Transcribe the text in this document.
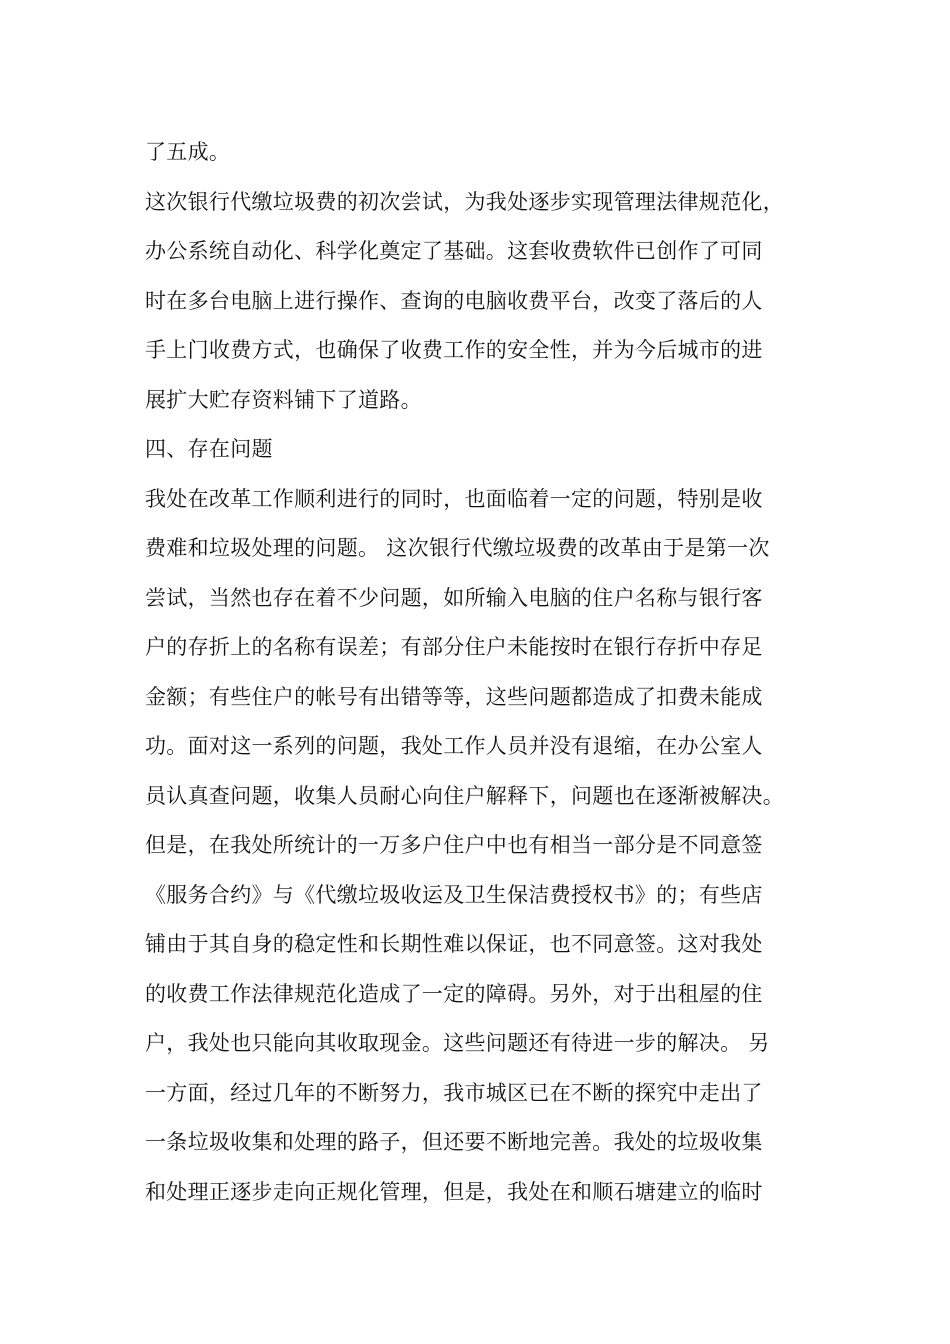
了五成。
这次银行代缴垃圾费的初次尝试，为我处逐步实现管理法律规范化，
办公系统自动化、科学化奠定了基础。这套收费软件已创作了可同
时在多台电脑上进行操作、查询的电脑收费平台，改变了落后的人
手上门收费方式，也确保了收费工作的安全性，并为今后城市的进
展扩大贮存资料铺下了道路。
四、存在问题
我处在改革工作顺利进行的同时，也面临着一定的问题，特别是收
费难和垃圾处理的问题。 这次银行代缴垃圾费的改革由于是第一次
尝试，当然也存在着不少问题，如所输入电脑的住户名称与银行客
户的存折上的名称有误差；有部分住户未能按时在银行存折中存足
金额；有些住户的帐号有出错等等，这些问题都造成了扣费未能成
功。面对这一系列的问题，我处工作人员并没有退缩，在办公室人
员认真查问题，收集人员耐心向住户解释下，问题也在逐渐被解决。
但是，在我处所统计的一万多户住户中也有相当一部分是不同意签
《服务合约》与《代缴垃圾收运及卫生保洁费授权书》的；有些店
铺由于其自身的稳定性和长期性难以保证，也不同意签。这对我处
的收费工作法律规范化造成了一定的障碍。另外，对于出租屋的住
户，我处也只能向其收取现金。这些问题还有待进一步的解决。 另
一方面，经过几年的不断努力，我市城区已在不断的探究中走出了
一条垃圾收集和处理的路子，但还要不断地完善。我处的垃圾收集
和处理正逐步走向正规化管理，但是，我处在和顺石塘建立的临时
